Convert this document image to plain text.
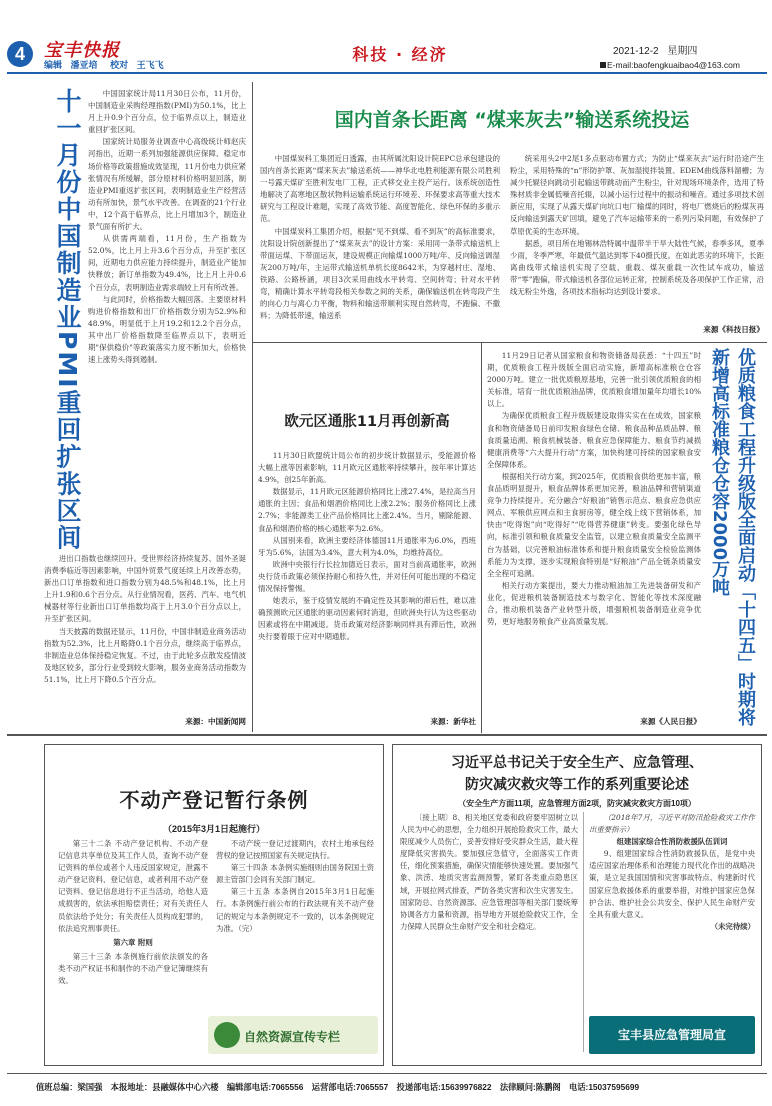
4	宝丰快报
编辑 潘亚培 校对 王飞飞
科技 · 经济	2021-12-2 星期四
E-mail:baofengkuaibao4@163.com
十一月份中国制造业PMI重回扩张区间	中国国家统计局11月30日公布，11月份，中国制造业采购经理指数(PMI)为50.1%，比上月上升0.9个百分点，位于临界点以上，制造业重回扩张区间。

国家统计局服务业调查中心高级统计师赵庆河指出，近期一系列加强能源供应保障、稳定市场价格等政策措施成效显现，11月份电力供应紧张情况有所缓解，部分原材料价格明显回落，制造业PMI重返扩张区间，表明制造业生产经营活动有所加快，景气水平改善。在调查的21个行业中，12个高于临界点，比上月增加3个，制造业景气面有所扩大。

从供需两端看，11月份，生产指数为52.0%，比上月上升3.6个百分点，升至扩张区间，近期电力供应能力持续提升，制造业产能加快释放；新订单指数为49.4%，比上月上升0.6个百分点，表明制造业需求端较上月有所改善。

与此同时，价格指数大幅回落。主要原材料购进价格指数和出厂价格指数分别为52.9%和48.9%，明显低于上月19.2和12.2个百分点，其中出厂价格指数降至临界点以下，表明近期"保供稳价"等政策落实力度不断加大，价格快速上涨势头得到遏制。

进出口指数也继续回升。受世界经济持续复苏、国外圣诞消费季临近等因素影响，中国外贸景气度延续上月改善态势，新出口订单指数和进口指数分别为48.5%和48.1%，比上月上升1.9和0.6个百分点。从行业情况看，医药、汽车、电气机械器材等行业新出口订单指数均高于上月3.0个百分点以上，升至扩张区间。

当天披露的数据还显示，11月份，中国非制造业商务活动指数为52.3%，比上月略降0.1个百分点，继续高于临界点，非制造业总体保持稳定恢复。不过，由于此轮多点散发疫情波及地区较多，部分行业受到较大影响，服务业商务活动指数为51.1%，比上月下降0.5个百分点。

来源：中国新闻网
国内首条长距离 “煤来灰去”输送系统投运

中国煤炭科工集团近日透露，由其所属沈阳设计院EPC总承包建设的国内首条长距离“煤来灰去”输送系统——神华北电胜利能源有限公司胜利一号露天煤矿至胜利发电厂工程，正式移交业主投产运行。该系统创造性地解决了高寒地区散状物料运输系统运行环境差、环保要求高等重大技术研究与工程设计难题，实现了高效节能、高度智能化、绿色环保的多重示范。

中国煤炭科工集团介绍，根据“见不到煤、看不到灰”的高标准要求，沈阳设计院创新提出了“煤来灰去”的设计方案：采用同一条带式输送机上带面运煤、下带面运灰，建设规模正向输煤1000万吨/年、反向输送调湿灰200万吨/年，主运带式输送机单机长度8642米，为穿越村庄、湿地、铁路、公路桥涵，项目3次采用曲线水平转弯、空间转弯；针对水平转弯，精确计算水平转弯段相关参数之间的关系，确保输送机在转弯段产生的向心力与离心力平衡，物料和输送带顺利实现自然转弯，不跑偏、不撒料；为降低带速，输送系

统采用头2中2尾1多点驱动布置方式；为防止“煤来灰去”运行时沿途产生粉尘，采用特殊的“n”形防护罩、灰加湿搅拌装置、EDEM曲线落料溜槽；为减少托辊径向跳动引起输送带跳动而产生粉尘，针对现场环境条件，选用了特殊材质非金属低噪音托辊，以减小运行过程中的振动和噪音。通过多项技术创新应用，实现了从露天煤矿向坑口电厂输煤的同时，将电厂燃烧后的粉煤灰再反向输送到露天矿回填，避免了汽车运输带来的一系列污染问题，有效保护了草原优美的生态环境。

据悉，项目所在地锡林浩特属中温带半干旱大陆性气候，春季多风，夏季少雨，冬季严寒，年最低气温达到零下40摄氏度。在如此恶劣的环境下，长距离曲线带式输送机实现了空载、重载、煤灰重载一次性试车成功，输送带“零”跑偏，带式输送机各部位运转正常，控制系统及各项保护工作正常，沿线无粉尘外逸，各项技术指标均达到设计要求。

来源《科技日报》
欧元区通胀11月再创新高

11月30日欧盟统计局公布的初步统计数据显示，受能源价格大幅上涨等因素影响，11月欧元区通胀率持续攀升，按年率计算达4.9%，创25年新高。

数据显示，11月欧元区能源价格同比上涨27.4%，是拉高当月通胀的主因；食品和烟酒价格同比上涨2.2%；服务价格同比上涨2.7%；非能源类工业产品价格同比上涨2.4%。当月，剔除能源、食品和烟酒价格的核心通胀率为2.6%。

从国别来看，欧洲主要经济体德国11月通胀率为6.0%，西班牙为5.6%，法国为3.4%，意大利为4.0%，均维持高位。

欧洲中央银行行长拉加德近日表示，面对当前高通胀率，欧洲央行货币政策必须保持耐心和持久性，并对任何可能出现的不稳定情况保持警惕。

她表示，鉴于疫情发展的不确定性及其影响的滞后性，难以准确预测欧元区通胀的驱动因素何时消退，但欧洲央行认为这些驱动因素或将在中期减退。货币政策对经济影响同样具有滞后性，欧洲央行要着眼于应对中期通胀。

来源：新华社

11月29日记者从国家粮食和物资储备局获悉：“十四五”时期，优质粮食工程升级版全面启动实施，新增高标准粮仓仓容2000万吨。建立一批优质粮原基地，完善一批引领优质粮食的相关标准，培育一批优质粮油品牌，优质粮食增加量年均增长10%以上。

为确保优质粮食工程升级版建设取得实实在在成效，国家粮食和物资储备局日前印发粮食绿色仓储、粮食品种品质品牌、粮食质量追溯、粮食机械装备、粮食应急保障能力、粮食节约减损健康消费等“六大提升行动”方案，加快构建可持续的国家粮食安全保障体系。

根据相关行动方案，到2025年，优质粮食供给更加丰富，粮食品质明显提升，粮食品牌体系更加完善，粮油品牌和营销渠道竞争力持续提升。充分融合“好粮油”销售示范点、粮食应急供应网点、军粮供应网点和主食厨房等，健全线上线下营销体系，加快由“吃得饱”向“吃得好”“吃得营养健康”转变。要强化绿色导向，标准引领和粮食质量安全监管，以建立粮食质量安全监测平台为基础，以完善粮油标准体系和提升粮食质量安全检验监测体系能力为支撑，逐步实现粮食特别是“好粮油”产品全链条质量安全全程可追溯。

相关行动方案提出，要大力推动粮油加工先进装备研发和产业化，促进粮机装备制造技术与数字化、智能化等技术深度融合，推动粮机装备产业转型升级，增强粮机装备制造业竞争优势，更好地服务粮食产业高质量发展。

来源《人民日报》	优质粮食工程升级版全面启动「十四五」时期将新增高标准粮仓仓容2000万吨
不动产登记暂行条例
（2015年3月1日起施行）

第三十二条 不动产登记机构、不动产登记信息共享单位及其工作人员，查询不动产登记资料的单位或者个人违反国家规定，泄露不动产登记资料、登记信息，或者利用不动产登记资料、登记信息进行不正当活动，给他人造成损害的，依法承担赔偿责任；对有关责任人员依法给予处分；有关责任人员构成犯罪的，依法追究刑事责任。

第六章 附则

第三十三条 本条例施行前依法颁发的各类不动产权证书和制作的不动产登记簿继续有效。

不动产统一登记过渡期内，农村土地承包经营权的登记按照国家有关规定执行。

第三十四条 本条例实施细则由国务院国土资源主管部门会同有关部门制定。

第三十五条 本条例自2015年3月1日起施行。本条例施行前公布的行政法规有关不动产登记的规定与本条例规定不一致的，以本条例规定为准。（完）

自然资源宣传专栏
习近平总书记关于安全生产、应急管理、
防灾减灾救灾等工作的系列重要论述
（安全生产方面11项，应急管理方面2项，防灾减灾救灾方面10项）

〔接上期〕8、相关地区党委和政府要牢固树立以人民为中心的思想，全力组织开展抢险救灾工作，最大限度减少人员伤亡，妥善安排好受灾群众生活，最大程度降低灾害损失。要加强应急值守，全面落实工作责任，细化预案措施，确保灾情能够快速处置。要加强气象、洪涝、地质灾害监测预警，紧盯各类重点隐患区域，开展拉网式排查，严防各类灾害和次生灾害发生。国家防总、自然资源部、应急管理部等相关部门要统筹协调各方力量和资源，指导地方开展抢险救灾工作，全力保障人民群众生命财产安全和社会稳定。

（2018年7月，习近平对防汛抢险救灾工作作出重要指示）

组建国家综合性消防救援队伍训词

9、组建国家综合性消防救援队伍，是党中央适应国家治理体系和治理能力现代化作出的战略决策，是立足我国国情和灾害事故特点、构建新时代国家应急救援体系的重要举措，对维护国家应急保护合法、维护社会公共安全、保护人民生命财产安全具有重大意义。

（未完待续）

宝丰县应急管理局宣
值班总编：梁国强　本报地址：县融媒体中心六楼　编辑部电话:7065556　运营部电话:7065557　投递部电话:15639976822　法律顾问:陈鹏阁　电话:15037595699
